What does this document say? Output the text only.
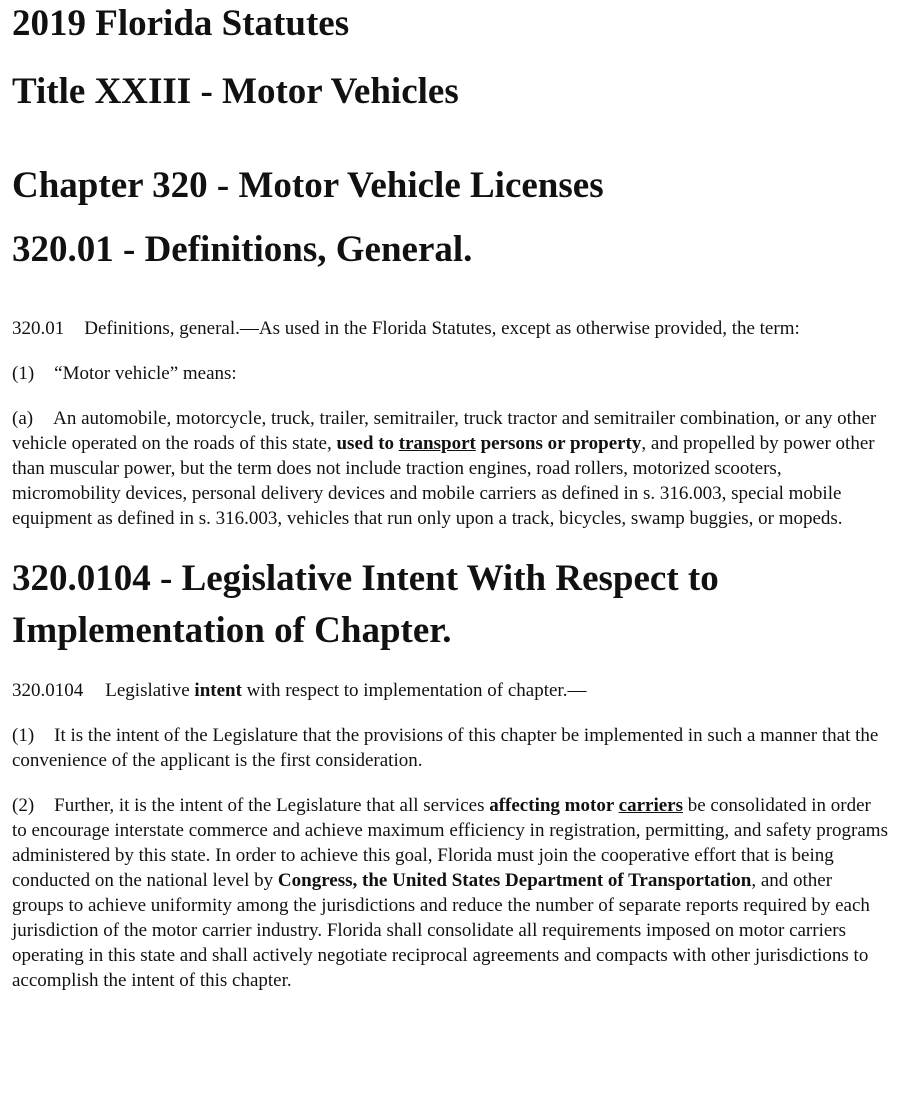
2019 Florida Statutes
Title XXIII - Motor Vehicles
Chapter 320 - Motor Vehicle Licenses
320.01 - Definitions, General.

320.01 Definitions, general.—As used in the Florida Statutes, except as otherwise provided, the term:

(1) “Motor vehicle” means:

(a) An automobile, motorcycle, truck, trailer, semitrailer, truck tractor and semitrailer combination, or any other vehicle operated on the roads of this state, used to transport persons or property, and propelled by power other than muscular power, but the term does not include traction engines, road rollers, motorized scooters, micromobility devices, personal delivery devices and mobile carriers as defined in s. 316.003, special mobile equipment as defined in s. 316.003, vehicles that run only upon a track, bicycles, swamp buggies, or mopeds.

320.0104 - Legislative Intent With Respect to Implementation of Chapter.

320.0104 Legislative intent with respect to implementation of chapter.—

(1) It is the intent of the Legislature that the provisions of this chapter be implemented in such a manner that the convenience of the applicant is the first consideration.

(2) Further, it is the intent of the Legislature that all services affecting motor carriers be consolidated in order to encourage interstate commerce and achieve maximum efficiency in registration, permitting, and safety programs administered by this state. In order to achieve this goal, Florida must join the cooperative effort that is being conducted on the national level by Congress, the United States Department of Transportation, and other groups to achieve uniformity among the jurisdictions and reduce the number of separate reports required by each jurisdiction of the motor carrier industry. Florida shall consolidate all requirements imposed on motor carriers operating in this state and shall actively negotiate reciprocal agreements and compacts with other jurisdictions to accomplish the intent of this chapter.
